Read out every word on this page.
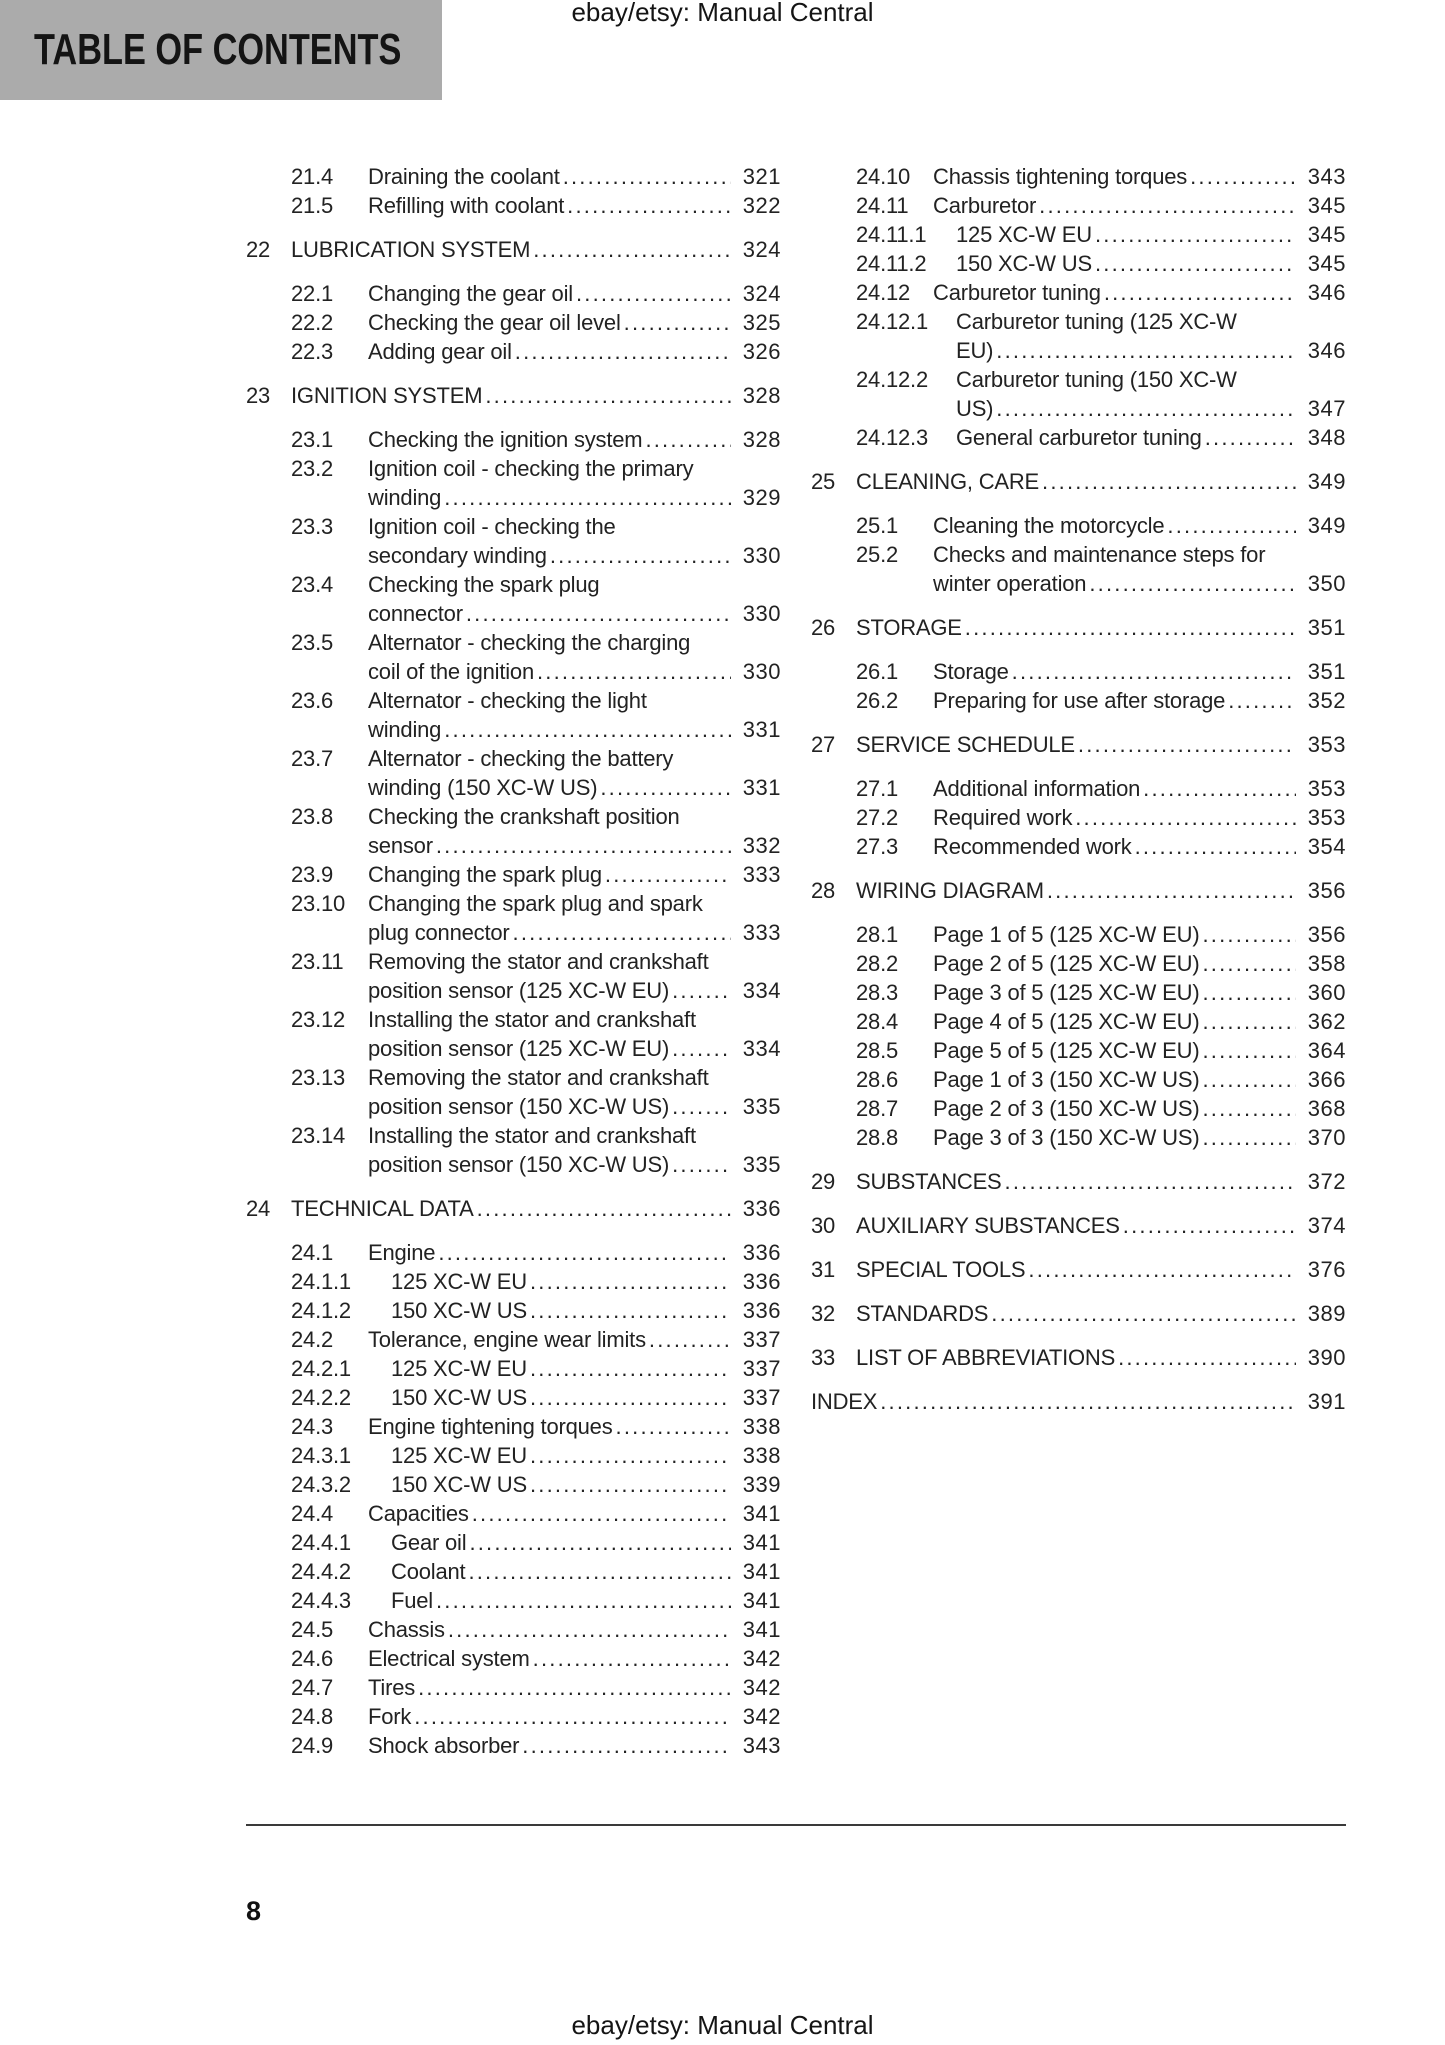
TABLE OF CONTENTS
ebay/etsy: Manual Central
21.4	Draining the coolant .....	321
21.5	Refilling with coolant .....	322
22 LUBRICATION SYSTEM .....	324
22.1	Changing the gear oil .....	324
22.2	Checking the gear oil level .....	325
22.3	Adding gear oil .....	326
23 IGNITION SYSTEM .....	328
23.1	Checking the ignition system .....	328
23.2	Ignition coil - checking the primary
winding .....	329
23.3	Ignition coil - checking the
secondary winding .....	330
23.4	Checking the spark plug
connector .....	330
23.5	Alternator - checking the charging
coil of the ignition .....	330
23.6	Alternator - checking the light
winding .....	331
23.7	Alternator - checking the battery
winding (150 XC-W US) .....	331
23.8	Checking the crankshaft position
sensor .....	332
23.9	Changing the spark plug .....	333
23.10	Changing the spark plug and spark
plug connector .....	333
23.11	Removing the stator and crankshaft
position sensor (125 XC-W EU) .....	334
23.12	Installing the stator and crankshaft
position sensor (125 XC-W EU) .....	334
23.13	Removing the stator and crankshaft
position sensor (150 XC-W US) .....	335
23.14	Installing the stator and crankshaft
position sensor (150 XC-W US) .....	335
24 TECHNICAL DATA .....	336
24.1	Engine .....	336
24.1.1	125 XC-W EU .....	336
24.1.2	150 XC-W US .....	336
24.2	Tolerance, engine wear limits .....	337
24.2.1	125 XC-W EU .....	337
24.2.2	150 XC-W US .....	337
24.3	Engine tightening torques .....	338
24.3.1	125 XC-W EU .....	338
24.3.2	150 XC-W US .....	339
24.4	Capacities .....	341
24.4.1	Gear oil .....	341
24.4.2	Coolant .....	341
24.4.3	Fuel .....	341
24.5	Chassis .....	341
24.6	Electrical system .....	342
24.7	Tires .....	342
24.8	Fork .....	342
24.9	Shock absorber .....	343
24.10	Chassis tightening torques .....	343
24.11	Carburetor .....	345
24.11.1	125 XC-W EU .....	345
24.11.2	150 XC-W US .....	345
24.12	Carburetor tuning .....	346
24.12.1	Carburetor tuning (125 XC-W
EU) .....	346
24.12.2	Carburetor tuning (150 XC-W
US) .....	347
24.12.3	General carburetor tuning .....	348
25 CLEANING, CARE .....	349
25.1	Cleaning the motorcycle .....	349
25.2	Checks and maintenance steps for
winter operation .....	350
26 STORAGE .....	351
26.1	Storage .....	351
26.2	Preparing for use after storage .....	352
27 SERVICE SCHEDULE .....	353
27.1	Additional information .....	353
27.2	Required work .....	353
27.3	Recommended work .....	354
28 WIRING DIAGRAM .....	356
28.1	Page 1 of 5 (125 XC-W EU) .....	356
28.2	Page 2 of 5 (125 XC-W EU) .....	358
28.3	Page 3 of 5 (125 XC-W EU) .....	360
28.4	Page 4 of 5 (125 XC-W EU) .....	362
28.5	Page 5 of 5 (125 XC-W EU) .....	364
28.6	Page 1 of 3 (150 XC-W US) .....	366
28.7	Page 2 of 3 (150 XC-W US) .....	368
28.8	Page 3 of 3 (150 XC-W US) .....	370
29 SUBSTANCES .....	372
30 AUXILIARY SUBSTANCES .....	374
31 SPECIAL TOOLS .....	376
32 STANDARDS .....	389
33 LIST OF ABBREVIATIONS .....	390
INDEX .....	391
8
ebay/etsy: Manual Central
